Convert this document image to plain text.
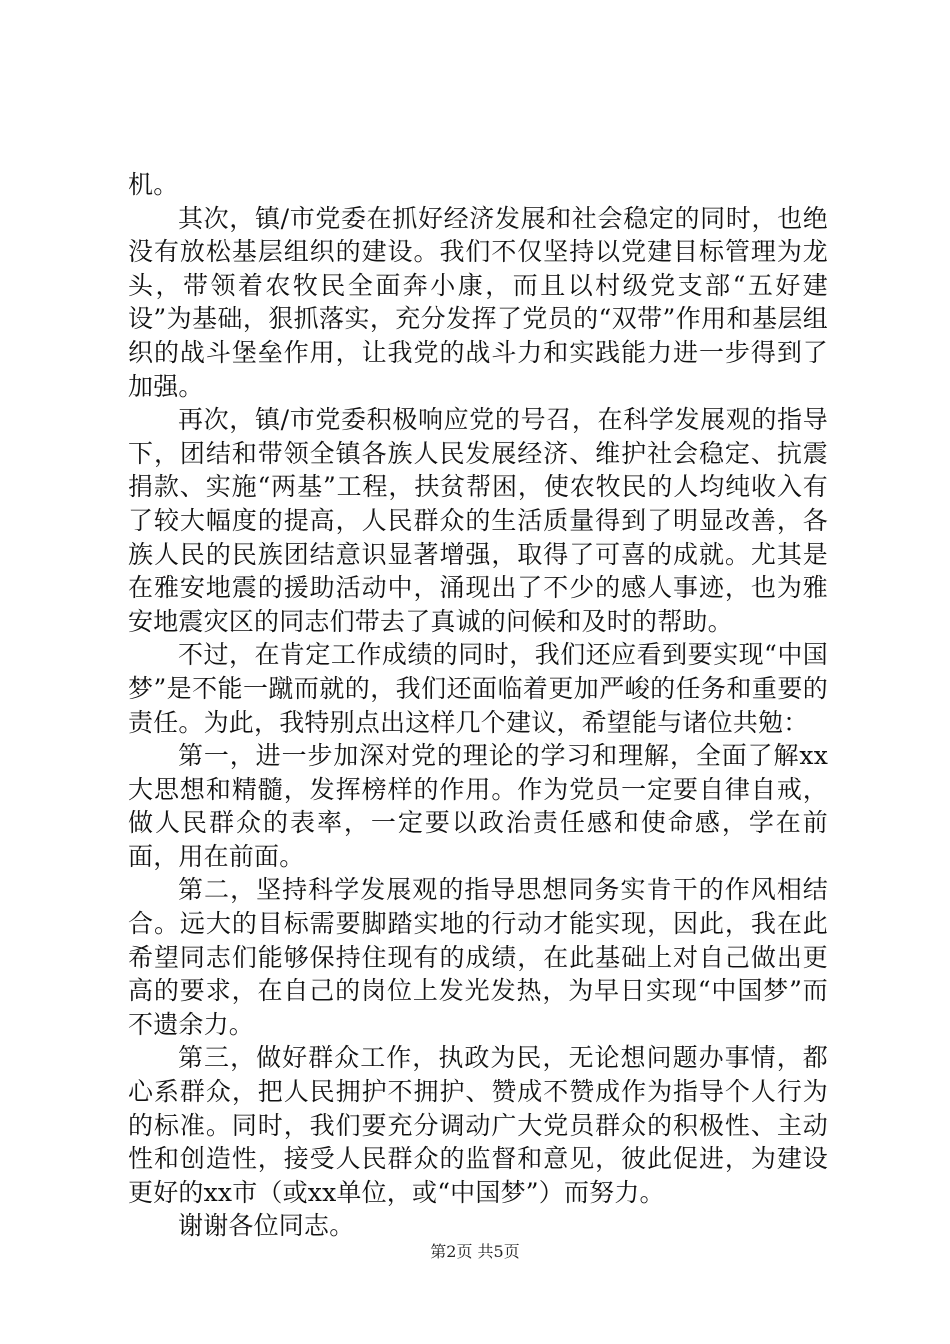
机。

其次，镇/市党委在抓好经济发展和社会稳定的同时，也绝没有放松基层组织的建设。我们不仅坚持以党建目标管理为龙头，带领着农牧民全面奔小康，而且以村级党支部“五好建设”为基础，狠抓落实，充分发挥了党员的“双带”作用和基层组织的战斗堡垒作用，让我党的战斗力和实践能力进一步得到了加强。

再次，镇/市党委积极响应党的号召，在科学发展观的指导下，团结和带领全镇各族人民发展经济、维护社会稳定、抗震捐款、实施“两基”工程，扶贫帮困，使农牧民的人均纯收入有了较大幅度的提高，人民群众的生活质量得到了明显改善，各族人民的民族团结意识显著增强，取得了可喜的成就。尤其是在雅安地震的援助活动中，涌现出了不少的感人事迹，也为雅安地震灾区的同志们带去了真诚的问候和及时的帮助。

不过，在肯定工作成绩的同时，我们还应看到要实现“中国梦”是不能一蹴而就的，我们还面临着更加严峻的任务和重要的责任。为此，我特别点出这样几个建议，希望能与诸位共勉：

第一，进一步加深对党的理论的学习和理解，全面了解xx大思想和精髓，发挥榜样的作用。作为党员一定要自律自戒，做人民群众的表率，一定要以政治责任感和使命感，学在前面，用在前面。

第二，坚持科学发展观的指导思想同务实肯干的作风相结合。远大的目标需要脚踏实地的行动才能实现，因此，我在此希望同志们能够保持住现有的成绩，在此基础上对自己做出更高的要求，在自己的岗位上发光发热，为早日实现“中国梦”而不遗余力。

第三，做好群众工作，执政为民，无论想问题办事情，都心系群众，把人民拥护不拥护、赞成不赞成作为指导个人行为的标准。同时，我们要充分调动广大党员群众的积极性、主动性和创造性，接受人民群众的监督和意见，彼此促进，为建设更好的xx市（或xx单位，或“中国梦”）而努力。

谢谢各位同志。

第2页 共5页
